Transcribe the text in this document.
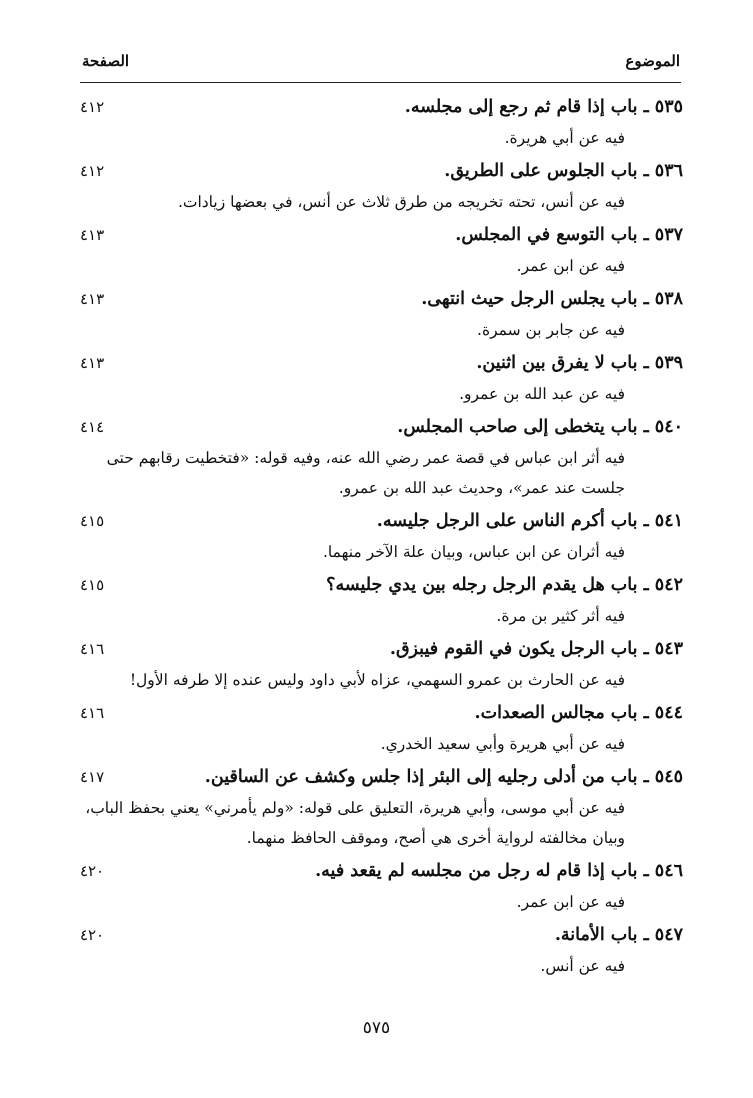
الموضوع
الصفحة
٥٣٥ ـ باب إذا قام ثم رجع إلى مجلسه.
٤١٢
فيه عن أبي هريرة.
٥٣٦ ـ باب الجلوس على الطريق.
٤١٢
فيه عن أنس، تحته تخريجه من طرق ثلاث عن أنس، في بعضها زيادات.
٥٣٧ ـ باب التوسع في المجلس.
٤١٣
فيه عن ابن عمر.
٥٣٨ ـ باب يجلس الرجل حيث انتهى.
٤١٣
فيه عن جابر بن سمرة.
٥٣٩ ـ باب لا يفرق بين اثنين.
٤١٣
فيه عن عبد الله بن عمرو.
٥٤٠ ـ باب يتخطى إلى صاحب المجلس.
٤١٤
فيه أثر ابن عباس في قصة عمر رضي الله عنه، وفيه قوله: «فتخطيت رقابهم حتى جلست عند عمر»، وحديث عبد الله بن عمرو.
٥٤١ ـ باب أكرم الناس على الرجل جليسه.
٤١٥
فيه أثران عن ابن عباس، وبيان علة الآخر منهما.
٥٤٢ ـ باب هل يقدم الرجل رجله بين يدي جليسه؟
٤١٥
فيه أثر كثير بن مرة.
٥٤٣ ـ باب الرجل يكون في القوم فيبزق.
٤١٦
فيه عن الحارث بن عمرو السهمي، عزاه لأبي داود وليس عنده إلا طرفه الأول!
٥٤٤ ـ باب مجالس الصعدات.
٤١٦
فيه عن أبي هريرة وأبي سعيد الخدري.
٥٤٥ ـ باب من أدلى رجليه إلى البئر إذا جلس وكشف عن الساقين.
٤١٧
فيه عن أبي موسى، وأبي هريرة، التعليق على قوله: «ولم يأمرني» يعني بحفظ الباب، وبيان مخالفته لرواية أخرى هي أصح، وموقف الحافظ منهما.
٥٤٦ ـ باب إذا قام له رجل من مجلسه لم يقعد فيه.
٤٢٠
فيه عن ابن عمر.
٥٤٧ ـ باب الأمانة.
٤٢٠
فيه عن أنس.
٥٧٥
